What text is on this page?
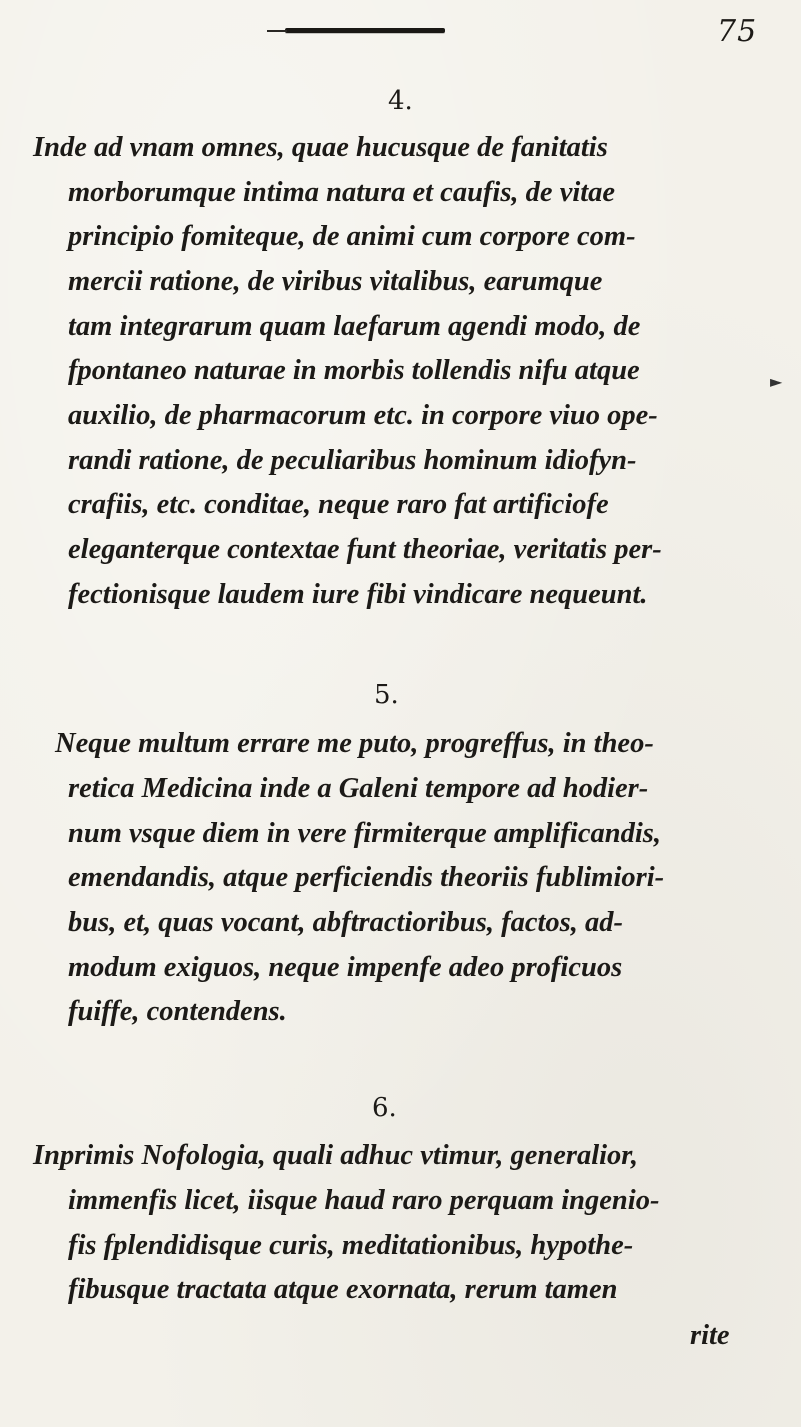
75
4.
Inde ad vnam omnes, quae hucusque de fanitatis
morborumque intima natura et caufis, de vitae
principio fomiteque, de animi cum corpore com-
mercii ratione, de viribus vitalibus, earumque
tam integrarum quam laefarum agendi modo, de
fpontaneo naturae in morbis tollendis nifu atque
auxilio, de pharmacorum etc. in corpore viuo ope-
randi ratione, de peculiaribus hominum idiofyn-
crafiis, etc. conditae, neque raro fat artificiofe
eleganterque contextae funt theoriae, veritatis per-
fectionisque laudem iure fibi vindicare nequeunt.
►
5.
Neque multum errare me puto, progreffus, in theo-
retica Medicina inde a Galeni tempore ad hodier-
num vsque diem in vere firmiterque amplificandis,
emendandis, atque perficiendis theoriis fublimiori-
bus, et, quas vocant, abftractioribus, factos, ad-
modum exiguos, neque impenfe adeo proficuos
fuiffe, contendens.
6.
Inprimis Nofologia, quali adhuc vtimur, generalior,
immenfis licet, iisque haud raro perquam ingenio-
fis fplendidisque curis, meditationibus, hypothe-
fibusque tractata atque exornata, rerum tamen
rite
